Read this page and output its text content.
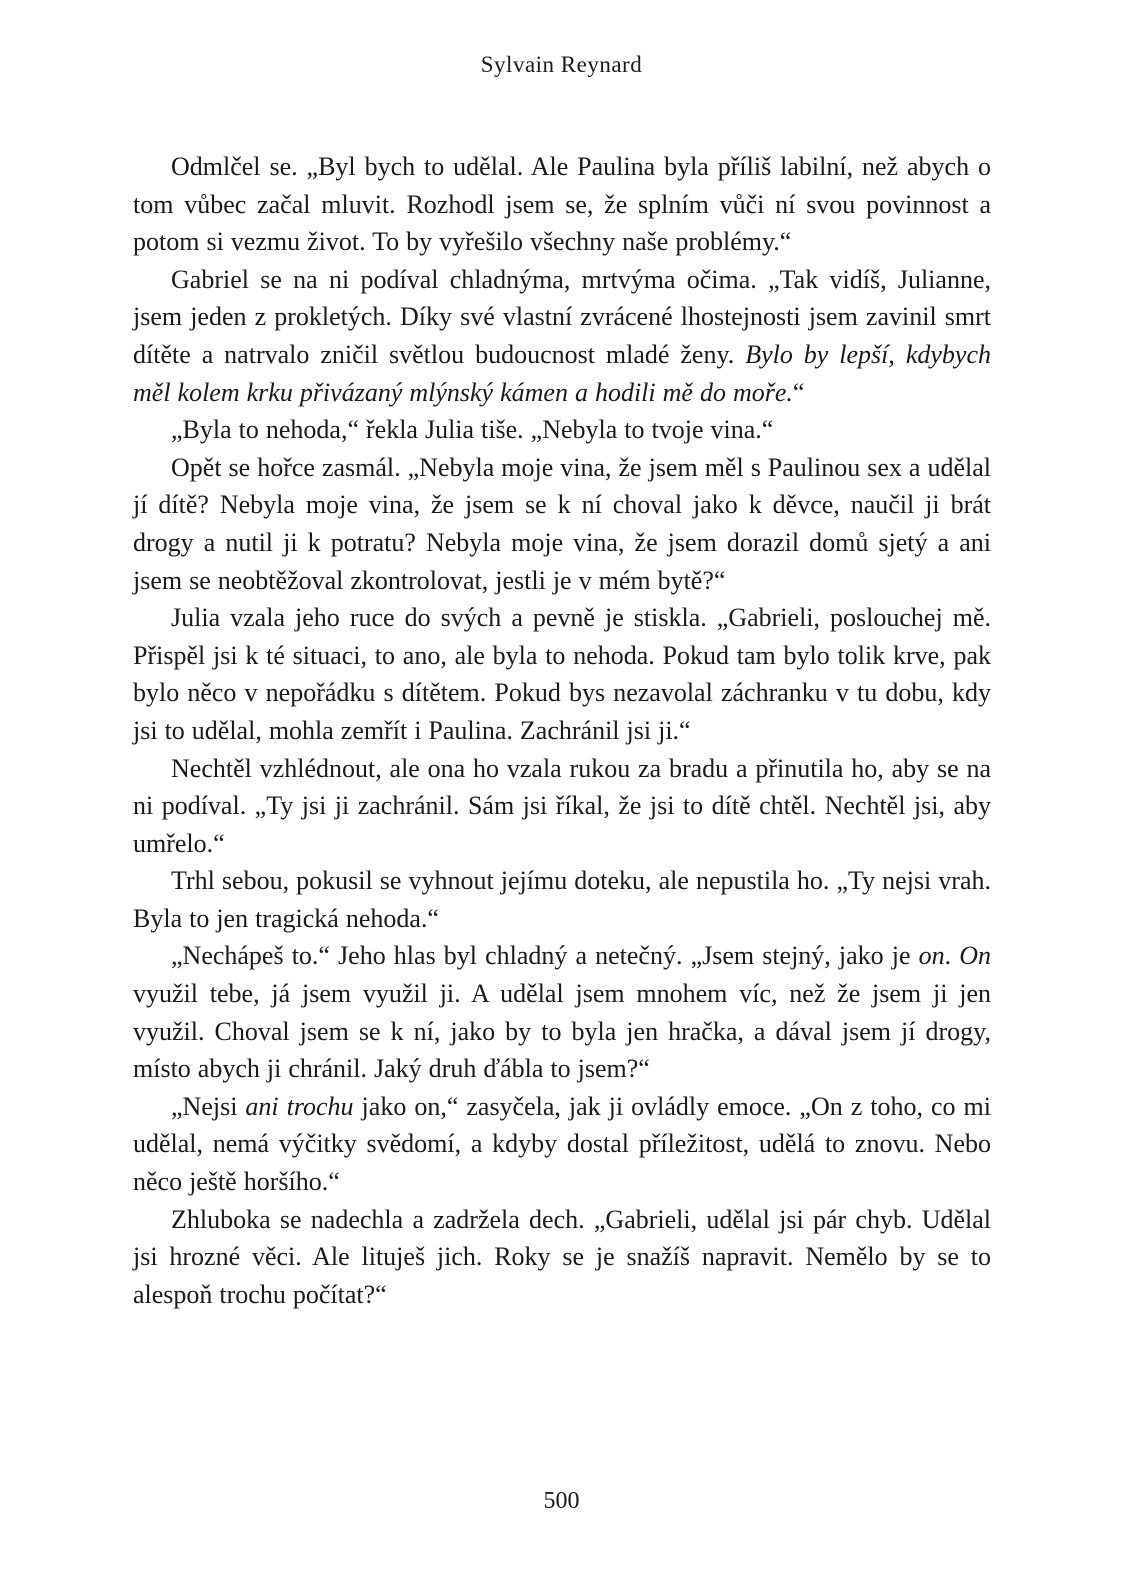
Sylvain Reynard

Odmlčel se. „Byl bych to udělal. Ale Paulina byla příliš labilní, než abych o tom vůbec začal mluvit. Rozhodl jsem se, že splním vůči ní svou povinnost a potom si vezmu život. To by vyřešilo všechny naše problémy.“

Gabriel se na ni podíval chladnýma, mrtvýma očima. „Tak vidíš, Julianne, jsem jeden z prokletých. Díky své vlastní zvrácené lhostejnosti jsem zavinil smrt dítěte a natrvalo zničil světlou budoucnost mladé ženy. Bylo by lepší, kdybych měl kolem krku přivázaný mlýnský kámen a hodili mě do moře.“

„Byla to nehoda,“ řekla Julia tiše. „Nebyla to tvoje vina.“

Opět se hořce zasmál. „Nebyla moje vina, že jsem měl s Paulinou sex a udělal jí dítě? Nebyla moje vina, že jsem se k ní choval jako k děvce, naučil ji brát drogy a nutil ji k potratu? Nebyla moje vina, že jsem dorazil domů sjetý a ani jsem se neobtěžoval zkontrolovat, jestli je v mém bytě?“

Julia vzala jeho ruce do svých a pevně je stiskla. „Gabrieli, poslouchej mě. Přispěl jsi k té situaci, to ano, ale byla to nehoda. Pokud tam bylo tolik krve, pak bylo něco v nepořádku s dítětem. Pokud bys nezavolal záchranku v tu dobu, kdy jsi to udělal, mohla zemřít i Paulina. Zachránil jsi ji.“

Nechtěl vzhlédnout, ale ona ho vzala rukou za bradu a přinutila ho, aby se na ni podíval. „Ty jsi ji zachránil. Sám jsi říkal, že jsi to dítě chtěl. Nechtěl jsi, aby umřelo.“

Trhl sebou, pokusil se vyhnout jejímu doteku, ale nepustila ho. „Ty nejsi vrah. Byla to jen tragická nehoda.“

„Nechápeš to.“ Jeho hlas byl chladný a netečný. „Jsem stejný, jako je on. On využil tebe, já jsem využil ji. A udělal jsem mnohem víc, než že jsem ji jen využil. Choval jsem se k ní, jako by to byla jen hračka, a dával jsem jí drogy, místo abych ji chránil. Jaký druh ďábla to jsem?“

„Nejsi ani trochu jako on,“ zasyčela, jak ji ovládly emoce. „On z toho, co mi udělal, nemá výčitky svědomí, a kdyby dostal příležitost, udělá to znovu. Nebo něco ještě horšího.“

Zhluboka se nadechla a zadržela dech. „Gabrieli, udělal jsi pár chyb. Udělal jsi hrozné věci. Ale lituješ jich. Roky se je snažíš napravit. Nemělo by se to alespoň trochu počítat?“

500
